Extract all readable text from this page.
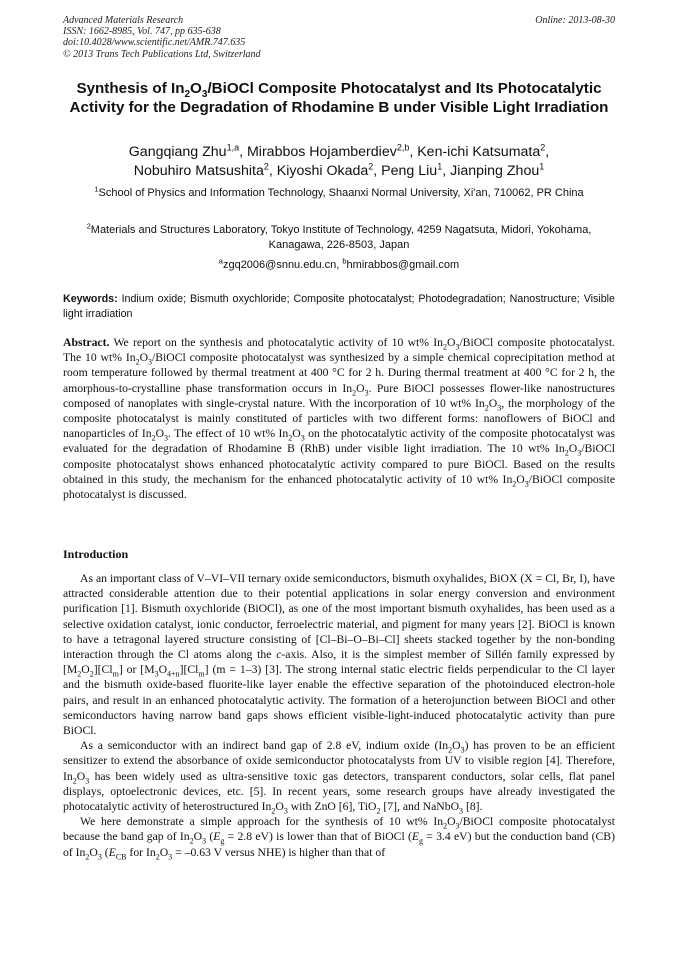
Advanced Materials Research	Online: 2013-08-30
ISSN: 1662-8985, Vol. 747, pp 635-638
doi:10.4028/www.scientific.net/AMR.747.635
© 2013 Trans Tech Publications Ltd, Switzerland
Synthesis of $In_2O_3$/BiOCl Composite Photocatalyst and Its Photocatalytic Activity for the Degradation of Rhodamine B under Visible Light Irradiation
Gangqiang Zhu$^{1,a}$, Mirabbos Hojamberdiev$^{2,b}$, Ken-ichi Katsumata$^2$,
Nobuhiro Matsushita$^2$, Kiyoshi Okada$^2$, Peng Liu$^1$, Jianping Zhou$^1$
$^1$School of Physics and Information Technology, Shaanxi Normal University, Xi'an, 710062, PR China
$^2$Materials and Structures Laboratory, Tokyo Institute of Technology, 4259 Nagatsuta, Midori, Yokohama, Kanagawa, 226-8503, Japan
$^a$zgq2006@snnu.edu.cn, $^b$hmirabbos@gmail.com
Keywords: Indium oxide; Bismuth oxychloride; Composite photocatalyst; Photodegradation; Nanostructure; Visible light irradiation
Abstract. We report on the synthesis and photocatalytic activity of 10 wt% $In_2O_3$/BiOCl composite photocatalyst. The 10 wt% $In_2O_3$/BiOCl composite photocatalyst was synthesized by a simple chemical coprecipitation method at room temperature followed by thermal treatment at 400 °C for 2 h. During thermal treatment at 400 °C for 2 h, the amorphous-to-crystalline phase transformation occurs in $In_2O_3$. Pure BiOCl possesses flower-like nanostructures composed of nanoplates with single-crystal nature. With the incorporation of 10 wt% $In_2O_3$, the morphology of the composite photocatalyst is mainly constituted of particles with two different forms: nanoflowers of BiOCl and nanoparticles of $In_2O_3$. The effect of 10 wt% $In_2O_3$ on the photocatalytic activity of the composite photocatalyst was evaluated for the degradation of Rhodamine B (RhB) under visible light irradiation. The 10 wt% $In_2O_3$/BiOCl composite photocatalyst shows enhanced photocatalytic activity compared to pure BiOCl. Based on the results obtained in this study, the mechanism for the enhanced photocatalytic activity of 10 wt% $In_2O_3$/BiOCl composite photocatalyst is discussed.
Introduction

As an important class of V–VI–VII ternary oxide semiconductors, bismuth oxyhalides, BiOX (X = Cl, Br, I), have attracted considerable attention due to their potential applications in solar energy conversion and environment purification [1]. Bismuth oxychloride (BiOCl), as one of the most important bismuth oxyhalides, has been used as a selective oxidation catalyst, ionic conductor, ferroelectric material, and pigment for many years [2]. BiOCl is known to have a tetragonal layered structure consisting of [Cl–Bi–O–Bi–Cl] sheets stacked together by the non-bonding interaction through the Cl atoms along the c-axis. Also, it is the simplest member of Sillén family expressed by $[M_2O_2][Cl_m]$ or $[M_3O_{4+n}][Cl_m] (m = 1-3)$ [3]. The strong internal static electric fields perpendicular to the Cl layer and the bismuth oxide-based fluorite-like layer enable the effective separation of the photoinduced electron-hole pairs, and result in an enhanced photocatalytic activity. The formation of a heterojunction between BiOCl and other semiconductors having narrow band gaps shows efficient visible-light-induced photocatalytic activity than pure BiOCl.

As a semiconductor with an indirect band gap of 2.8 eV, indium oxide $(In_2O_3)$ has proven to be an efficient sensitizer to extend the absorbance of oxide semiconductor photocatalysts from UV to visible region [4]. Therefore, $In_2O_3$ has been widely used as ultra-sensitive toxic gas detectors, transparent conductors, solar cells, flat panel displays, optoelectronic devices, etc. [5]. In recent years, some research groups have already investigated the photocatalytic activity of heterostructured $In_2O_3$ with ZnO [6], TiO$_2$ [7], and NaNbO$_3$ [8].

We here demonstrate a simple approach for the synthesis of 10 wt% $In_2O_3$/BiOCl composite photocatalyst because the band gap of $In_2O_3$ ($E_g = 2.8$ eV) is lower than that of BiOCl ($E_g = 3.4$ eV) but the conduction band (CB) of $In_2O_3$ ($E_{CB}$ for $In_2O_3 = -0.63$ V versus NHE) is higher than that of
